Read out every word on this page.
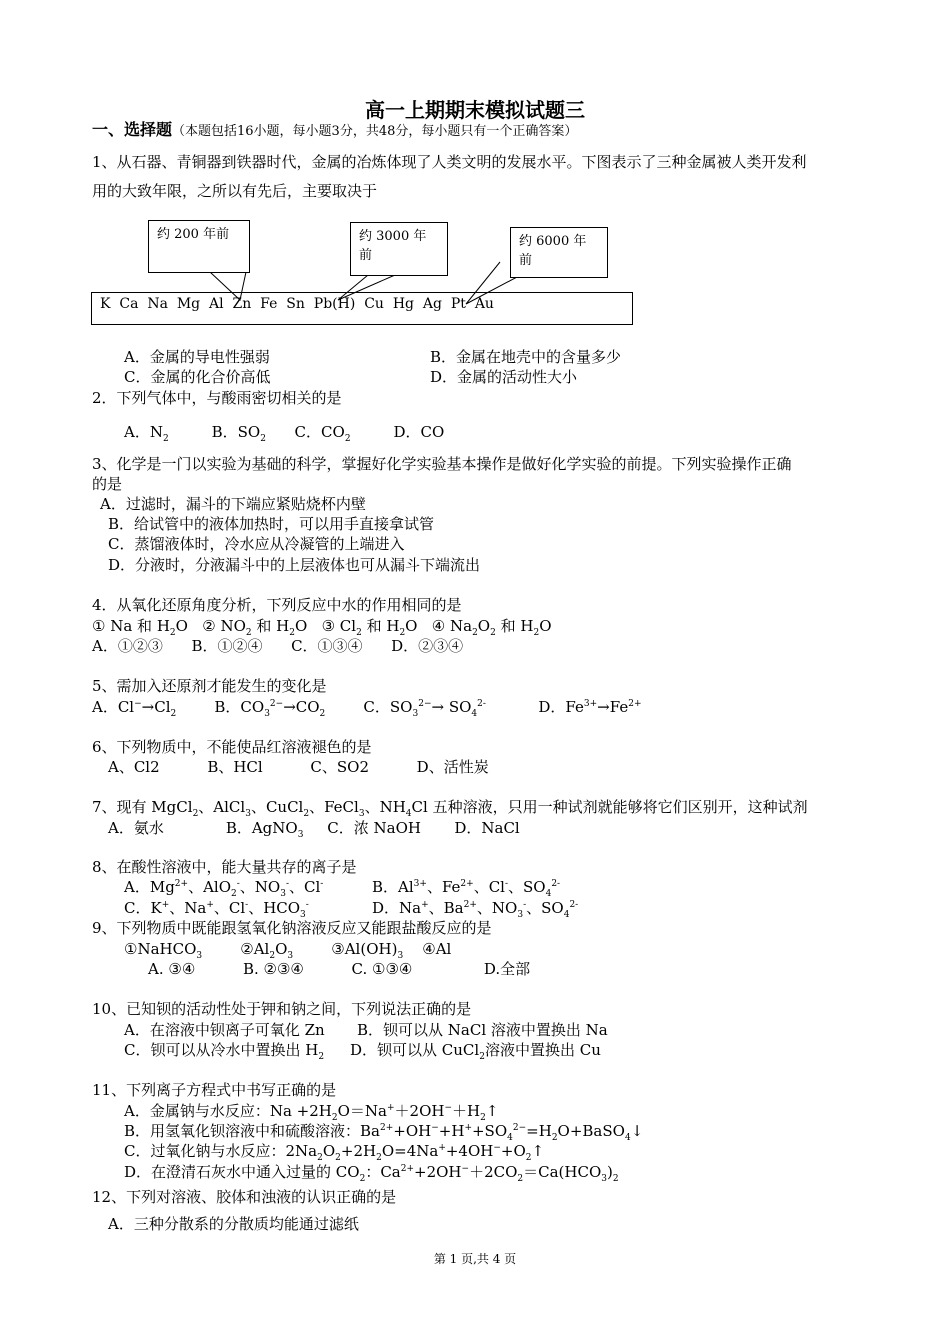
高一上期期末模拟试题三
一、选择题（本题包括16小题，每小题3分，共48分，每小题只有一个正确答案）
1、从石器、青铜器到铁器时代，金属的冶炼体现了人类文明的发展水平。下图表示了三种金属被人类开发利
用的大致年限，之所以有先后，主要取决于
约 200 年前	约 3000 年前
约 6000 年前
K  Ca  Na  Mg  Al  Zn  Fe  Sn  Pb(H)  Cu  Hg  Ag  Pt  Au
A．金属的导电性强弱	B．金属在地壳中的含量多少
C．金属的化合价高低	D．金属的活动性大小
2．下列气体中，与酸雨密切相关的是
A．$N_2$         B．$SO_2$      C．$CO_2$         D．CO
3、化学是一门以实验为基础的科学，掌握好化学实验基本操作是做好化学实验的前提。下列实验操作正确
的是
A．过滤时，漏斗的下端应紧贴烧杯内壁
B．给试管中的液体加热时，可以用手直接拿试管
C．蒸馏液体时，冷水应从冷凝管的上端进入
D．分液时，分液漏斗中的上层液体也可从漏斗下端流出
4．从氧化还原角度分析，下列反应中水的作用相同的是
① Na 和 $H_2O$   ② $NO_2$ 和 $H_2O$   ③ $Cl_2$ 和 $H_2O$   ④ $Na_2O_2$ 和 $H_2O$
A．①②③      B．①②④      C．①③④      D．②③④
5、需加入还原剂才能发生的变化是
A．$Cl^-\to Cl_2$        B．$CO_3^{2-}\to CO_2$        C．$SO_3^{2-}\to SO_4^{2-}$           D．$Fe^{3+}\to Fe^{2+}$
6、下列物质中，不能使品红溶液褪色的是
A、Cl2          B、HCl          C、SO2          D、活性炭
7、现有 MgCl$_2$、AlCl$_3$、CuCl$_2$、FeCl$_3$、$NH_4Cl$ 五种溶液，只用一种试剂就能够将它们区别开，这种试剂
A．氨水             B．AgNO$_3$     C．浓 NaOH       D．NaCl
8、在酸性溶液中，能大量共存的离子是
A．$Mg^{2+}$、AlO$_2$-、$NO_3^-$、Cl-	B．$Al^{3+}$、$Fe^{2+}$、Cl-、$SO_4^{2-}$
C．K+、Na+、Cl-、$HCO_3^-$	D．Na+、$Ba^{2+}$、$NO_3^-$、$SO_4^{2-}$
9、下列物质中既能跟氢氧化钠溶液反应又能跟盐酸反应的是
①NaHCO$_3$        $②Al_2O_3$        $③Al(OH)_3$    ④Al
A. ③④          B. ②③④          C. ①③④               D.全部
10、已知钡的活动性处于钾和钠之间，下列说法正确的是
A．在溶液中钡离子可氧化 Zn B．钡可以从 NaCl 溶液中置换出 Na
C．钡可以从冷水中置换出 $H_2$ D．钡可以从 CuCl$_2$溶液中置换出 Cu
11、下列离子方程式中书写正确的是
A．金属钠与水反应：$Na +2H_2O=Na^++2OH^-+H_2↑$
B．用氢氧化钡溶液中和硫酸溶液：$Ba^{2+}+OH^-+H^++SO_4^{2-}=H_2O+BaSO_4↓$
C．过氧化钠与水反应：$2Na_2O_2+2H_2O=4Na^++4OH^-+O_2↑$
D．在澄清石灰水中通入过量的 $CO_2$：$Ca^{2+}+2OH^-+2CO_2=Ca(HCO_3)_2$
12、下列对溶液、胶体和浊液的认识正确的是
A．三种分散系的分散质均能通过滤纸
第 1 页,共 4 页
